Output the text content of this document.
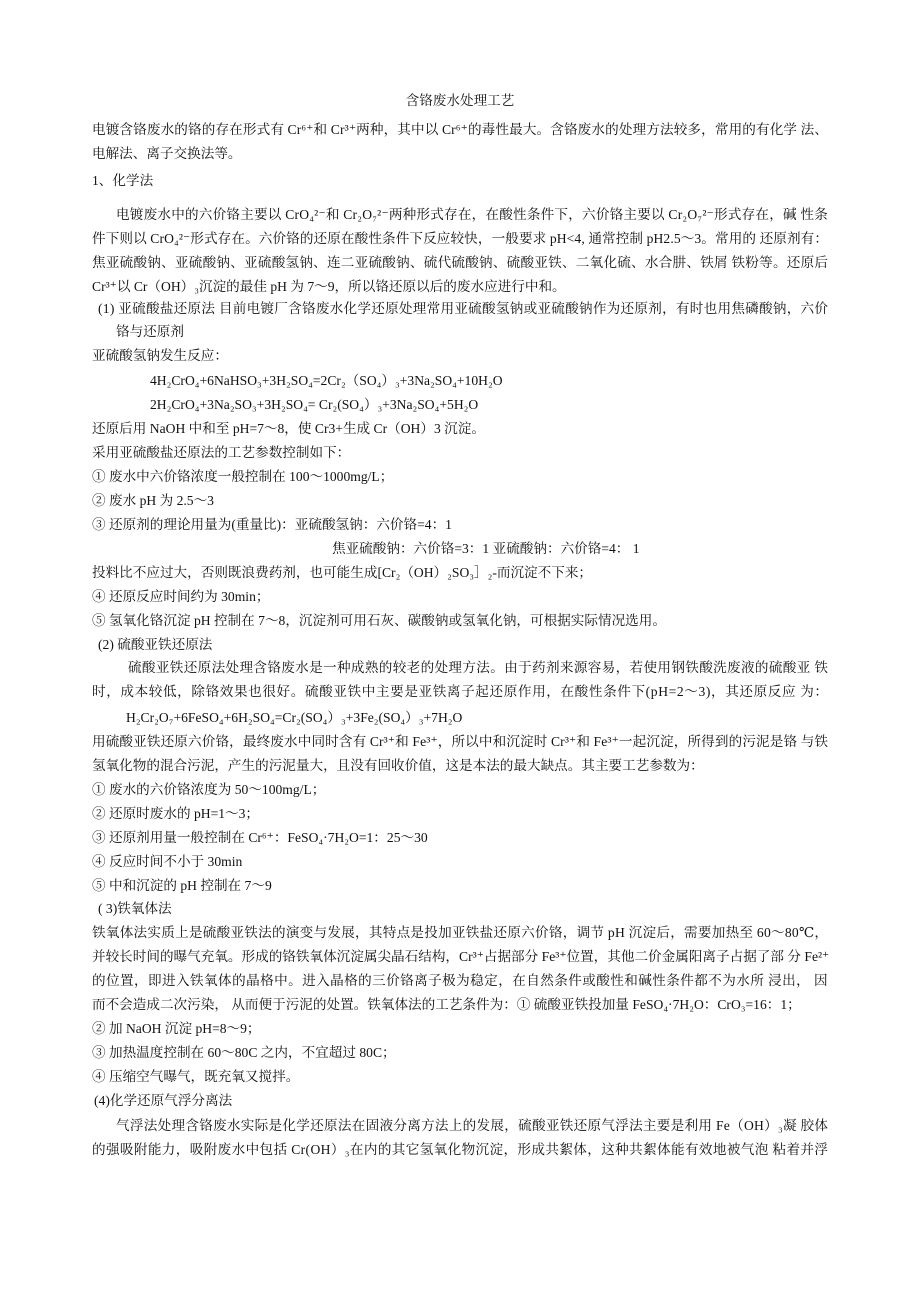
含铬废水处理工艺
电镀含铬废水的铬的存在形式有 Cr⁶⁺和 Cr³⁺两种，其中以 Cr⁶⁺的毒性最大。含铬废水的处理方法较多，常用的有化学 法、
电解法、离子交换法等。
1、化学法
电镀废水中的六价铬主要以 CrO₄²⁻和 Cr₂O₇²⁻两种形式存在，在酸性条件下，六价铬主要以 Cr₂O₇²⁻形式存在，碱 性条
件下则以 CrO₄²⁻形式存在。六价铬的还原在酸性条件下反应较快，一般要求 pH<4, 通常控制 pH2.5～3。常用的 还原剂有：
焦亚硫酸钠、亚硫酸钠、亚硫酸氢钠、连二亚硫酸钠、硫代硫酸钠、硫酸亚铁、二氧化硫、水合肼、铁屑 铁粉等。还原后
Cr³⁺以 Cr（OH）₃沉淀的最佳 pH 为 7～9，所以铬还原以后的废水应进行中和。
(1) 亚硫酸盐还原法 目前电镀厂含铬废水化学还原处理常用亚硫酸氢钠或亚硫酸钠作为还原剂，有时也用焦磷酸钠，六价
铬与还原剂
亚硫酸氢钠发生反应：
4H₂CrO₄+6NaHSO₃+3H₂SO₄=2Cr₂（SO₄）₃+3Na₂SO₄+10H₂O
2H₂CrO₄+3Na₂SO₃+3H₂SO₄= Cr₂(SO₄）₃+3Na₂SO₄+5H₂O
还原后用 NaOH 中和至 pH=7～8，使 Cr3+生成 Cr（OH）3 沉淀。
采用亚硫酸盐还原法的工艺参数控制如下：
① 废水中六价铬浓度一般控制在 100～1000mg/L；
② 废水 pH 为 2.5～3
③ 还原剂的理论用量为(重量比)：亚硫酸氢钠：六价铬=4：1
焦亚硫酸钠：六价铬=3：1 亚硫酸钠：六价铬=4： 1
投料比不应过大，否则既浪费药剂，也可能生成[Cr₂（OH）₂SO₃］₂-而沉淀不下来；
④ 还原反应时间约为 30min；
⑤ 氢氧化铬沉淀 pH 控制在 7～8，沉淀剂可用石灰、碳酸钠或氢氧化钠，可根据实际情况选用。
(2) 硫酸亚铁还原法
硫酸亚铁还原法处理含铬废水是一种成熟的较老的处理方法。由于药剂来源容易，若使用钢铁酸洗废液的硫酸亚 铁
时，成本较低，除铬效果也很好。硫酸亚铁中主要是亚铁离子起还原作用，在酸性条件下(pH=2～3)，其还原反应 为：
H₂Cr₂O₇+6FeSO₄+6H₂SO₄=Cr₂(SO₄）₃+3Fe₂(SO₄）₃+7H₂O
用硫酸亚铁还原六价铬，最终废水中同时含有 Cr³⁺和 Fe³⁺，所以中和沉淀时 Cr³⁺和 Fe³⁺一起沉淀，所得到的污泥是铬 与铁
氢氧化物的混合污泥，产生的污泥量大，且没有回收价值，这是本法的最大缺点。其主要工艺参数为：
① 废水的六价铬浓度为 50～100mg/L；
② 还原时废水的 pH=1～3；
③ 还原剂用量一般控制在 Cr⁶⁺：FeSO₄·7H₂O=1：25～30
④ 反应时间不小于 30min
⑤ 中和沉淀的 pH 控制在 7～9
( 3)铁氧体法
铁氧体法实质上是硫酸亚铁法的演变与发展，其特点是投加亚铁盐还原六价铬，调节 pH 沉淀后，需要加热至 60～80℃，
并较长时间的曝气充氧。形成的铬铁氧体沉淀属尖晶石结构，Cr³⁺占据部分 Fe³⁺位置，其他二价金属阳离子占据了部 分 Fe²⁺
的位置，即进入铁氧体的晶格中。进入晶格的三价铬离子极为稳定，在自然条件或酸性和碱性条件都不为水所 浸出， 因
而不会造成二次污染， 从而便于污泥的处置。铁氧体法的工艺条件为：① 硫酸亚铁投加量 FeSO₄·7H₂O：CrO₃=16：1；
② 加 NaOH 沉淀 pH=8～9；
③ 加热温度控制在 60～80C 之内，不宜超过 80C；
④ 压缩空气曝气，既充氧又搅拌。
(4)化学还原气浮分离法
气浮法处理含铬废水实际是化学还原法在固液分离方法上的发展，硫酸亚铁还原气浮法主要是利用 Fe（OH）₃凝 胶体
的强吸附能力，吸附废水中包括 Cr(OH）₃在内的其它氢氧化物沉淀，形成共絮体，这种共絮体能有效地被气泡 粘着并浮
